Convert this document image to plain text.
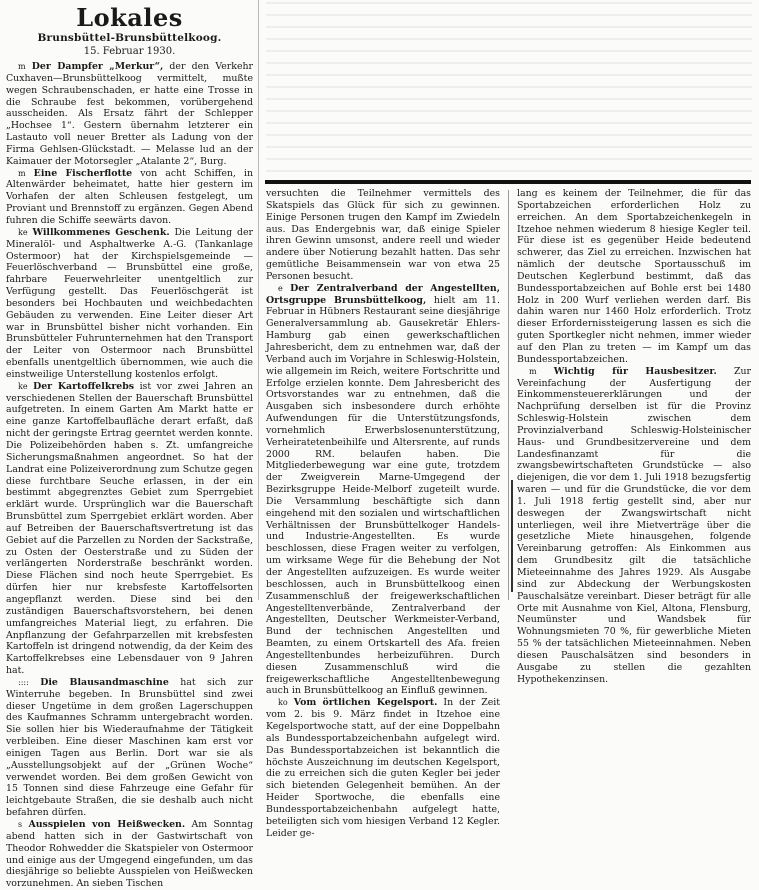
Lokales
Brunsbüttel-Brunsbüttelkoog.
15. Februar 1930.

m Der Dampfer „Merkur“, der den Verkehr Cuxhaven—Brunsbüttelkoog vermittelt, mußte wegen Schraubenschaden, er hatte eine Trosse in die Schraube fest bekommen, vorübergehend ausscheiden. Als Ersatz fährt der Schlepper „Hochsee 1“. Gestern übernahm letzterer ein Lastauto voll neuer Bretter als Ladung von der Firma Gehlsen-Glückstadt. — Melasse lud an der Kaimauer der Motorsegler „Atalante 2“, Burg.

m Eine Fischerflotte von acht Schiffen, in Altenwärder beheimatet, hatte hier gestern im Vorhafen der alten Schleusen festgelegt, um Proviant und Brennstoff zu ergänzen. Gegen Abend fuhren die Schiffe seewärts davon.

ke Willkommenes Geschenk. Die Leitung der Mineralöl- und Asphaltwerke A.-G. (Tankanlage Ostermoor) hat der Kirchspielsgemeinde — Feuerlöschverband — Brunsbüttel eine große, fahrbare Feuerwehrleiter unentgeltlich zur Verfügung gestellt. Das Feuerlöschgerät ist besonders bei Hochbauten und weichbedachten Gebäuden zu verwenden. Eine Leiter dieser Art war in Brunsbüttel bisher nicht vorhanden. Ein Brunsbütteler Fuhrunternehmen hat den Transport der Leiter von Ostermoor nach Brunsbüttel ebenfalls unentgeltlich übernommen, wie auch die einstweilige Unterstellung kostenlos erfolgt.

ke Der Kartoffelkrebs ist vor zwei Jahren an verschiedenen Stellen der Bauerschaft Brunsbüttel aufgetreten. In einem Garten Am Markt hatte er eine ganze Kartoffelbaufläche derart erfaßt, daß nicht der geringste Ertrag geerntet werden konnte. Die Polizeibehörden haben s. Zt. umfangreiche Sicherungsmaßnahmen angeordnet. So hat der Landrat eine Polizeiverordnung zum Schutze gegen diese furchtbare Seuche erlassen, in der ein bestimmt abgegrenztes Gebiet zum Sperrgebiet erklärt wurde. Ursprünglich war die Bauerschaft Brunsbüttel zum Sperrgebiet erklärt worden. Aber auf Betreiben der Bauerschaftsvertretung ist das Gebiet auf die Parzellen zu Norden der Sackstraße, zu Osten der Oesterstraße und zu Süden der verlängerten Norderstraße beschränkt worden. Diese Flächen sind noch heute Sperrgebiet. Es dürfen hier nur krebsfeste Kartoffelsorten angepflanzt werden. Diese sind bei den zuständigen Bauerschaftsvorstehern, bei denen umfangreiches Material liegt, zu erfahren. Die Anpflanzung der Gefahrparzellen mit krebsfesten Kartoffeln ist dringend notwendig, da der Keim des Kartoffelkrebses eine Lebensdauer von 9 Jahren hat.

:::: Die Blausandmaschine hat sich zur Winterruhe begeben. In Brunsbüttel sind zwei dieser Ungetüme in dem großen Lagerschuppen des Kaufmannes Schramm untergebracht worden. Sie sollen hier bis Wiederaufnahme der Tätigkeit verbleiben. Eine dieser Maschinen kam erst vor einigen Tagen aus Berlin. Dort war sie als „Ausstellungsobjekt auf der „Grünen Woche“ verwendet worden. Bei dem großen Gewicht von 15 Tonnen sind diese Fahrzeuge eine Gefahr für leichtgebaute Straßen, die sie deshalb auch nicht befahren dürfen.

s Ausspielen von Heißwecken. Am Sonntag abend hatten sich in der Gastwirtschaft von Theodor Rohwedder die Skatspieler von Ostermoor und einige aus der Umgegend eingefunden, um das diesjährige so beliebte Ausspielen von Heißwecken vorzunehmen. An sieben Tischen

versuchten die Teilnehmer vermittels des Skatspiels das Glück für sich zu gewinnen. Einige Personen trugen den Kampf im Zwiedeln aus. Das Endergebnis war, daß einige Spieler ihren Gewinn umsonst, andere reell und wieder andere über Notierung bezahlt hatten. Das sehr gemütliche Beisammensein war von etwa 25 Personen besucht.

e Der Zentralverband der Angestellten, Ortsgruppe Brunsbüttelkoog, hielt am 11. Februar in Hübners Restaurant seine diesjährige Generalversammlung ab. Gausekretär Ehlers-Hamburg gab einen gewerkschaftlichen Jahresbericht, dem zu entnehmen war, daß der Verband auch im Vorjahre in Schleswig-Holstein, wie allgemein im Reich, weitere Fortschritte und Erfolge erzielen konnte. Dem Jahresbericht des Ortsvorstandes war zu entnehmen, daß die Ausgaben sich insbesondere durch erhöhte Aufwendungen für die Unterstützungsfonds, vornehmlich Erwerbslosenunterstützung, Verheiratetenbeihilfe und Altersrente, auf runds 2000 RM. belaufen haben. Die Mitgliederbewegung war eine gute, trotzdem der Zweigverein Marne-Umgegend der Bezirksgruppe Heide-Melborf zugeteilt wurde. Die Versammlung beschäftigte sich dann eingehend mit den sozialen und wirtschaftlichen Verhältnissen der Brunsbüttelkoger Handels- und Industrie-Angestellten. Es wurde beschlossen, diese Fragen weiter zu verfolgen, um wirksame Wege für die Behebung der Not der Angestellten aufzuzeigen. Es wurde weiter beschlossen, auch in Brunsbüttelkoog einen Zusammenschluß der freigewerkschaftlichen Angestelltenverbände, Zentralverband der Angestellten, Deutscher Werkmeister-Verband, Bund der technischen Angestellten und Beamten, zu einem Ortskartell des Afa. freien Angestelltenbundes herbeizuführen. Durch diesen Zusammenschluß wird die freigewerkschaftliche Angestelltenbewegung auch in Brunsbüttelkoog an Einfluß gewinnen.

ko Vom örtlichen Kegelsport. In der Zeit vom 2. bis 9. März findet in Itzehoe eine Kegelsportwoche statt, auf der eine Doppelbahn als Bundessportabzeichenbahn aufgelegt wird. Das Bundessportabzeichen ist bekanntlich die höchste Auszeichnung im deutschen Kegelsport, die zu erreichen sich die guten Kegler bei jeder sich bietenden Gelegenheit bemühen. An der Heider Sportwoche, die ebenfalls eine Bundessportabzeichenbahn aufgelegt hatte, beteiligten sich vom hiesigen Verband 12 Kegler. Leider ge-

lang es keinem der Teilnehmer, die für das Sportabzeichen erforderlichen Holz zu erreichen. An dem Sportabzeichenkegeln in Itzehoe nehmen wiederum 8 hiesige Kegler teil. Für diese ist es gegenüber Heide bedeutend schwerer, das Ziel zu erreichen. Inzwischen hat nämlich der deutsche Sportausschuß im Deutschen Keglerbund bestimmt, daß das Bundessportabzeichen auf Bohle erst bei 1480 Holz in 200 Wurf verliehen werden darf. Bis dahin waren nur 1460 Holz erforderlich. Trotz dieser Erfordernissteigerung lassen es sich die guten Sportkegler nicht nehmen, immer wieder auf den Plan zu treten — im Kampf um das Bundessportabzeichen.

m Wichtig für Hausbesitzer. Zur Vereinfachung der Ausfertigung der Einkommensteuererklärungen und der Nachprüfung derselben ist für die Provinz Schleswig-Holstein zwischen dem Provinzialverband Schleswig-Holsteinischer Haus- und Grundbesitzervereine und dem Landesfinanzamt für die zwangsbewirtschafteten Grundstücke — also diejenigen, die vor dem 1. Juli 1918 bezugsfertig waren — und für die Grundstücke, die vor dem 1. Juli 1918 fertig gestellt sind, aber nur deswegen der Zwangswirtschaft nicht unterliegen, weil ihre Mietverträge über die gesetzliche Miete hinausgehen, folgende Vereinbarung getroffen: Als Einkommen aus dem Grundbesitz gilt die tatsächliche Mieteeinnahme des Jahres 1929. Als Ausgabe sind zur Abdeckung der Werbungskosten Pauschalsätze vereinbart. Dieser beträgt für alle Orte mit Ausnahme von Kiel, Altona, Flensburg, Neumünster und Wandsbek für Wohnungsmieten 70 %, für gewerbliche Mieten 55 % der tatsächlichen Mieteeinnahmen. Neben diesen Pauschalsätzen sind besonders in Ausgabe zu stellen die gezahlten Hypothekenzinsen.
